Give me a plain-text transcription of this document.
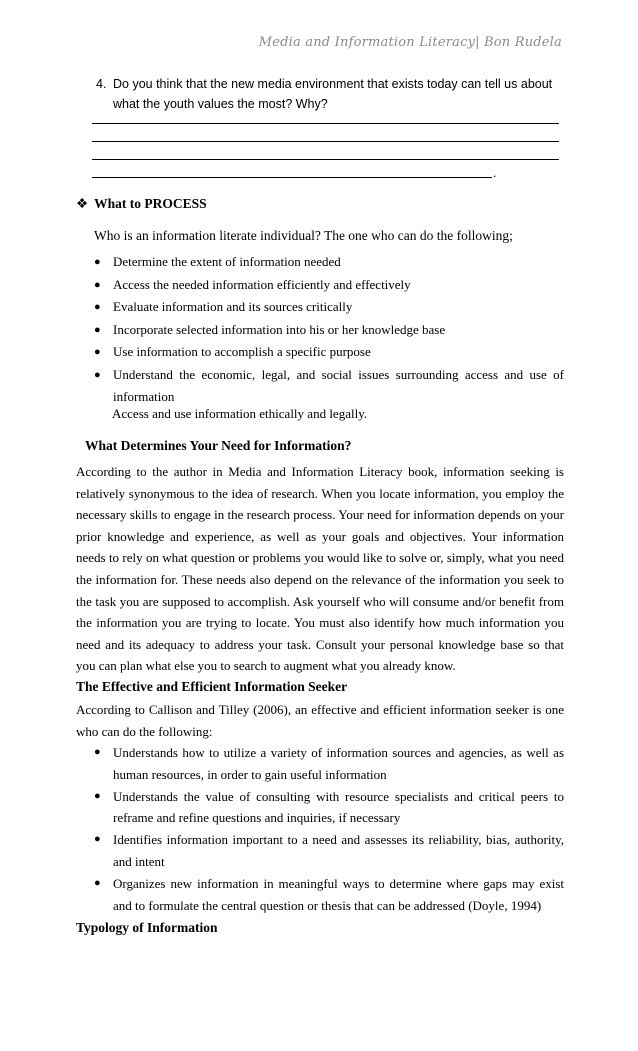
Media and Information Literacy| Bon Rudela
4. Do you think that the new media environment that exists today can tell us about what the youth values the most? Why?
.
❖ What to PROCESS
Who is an information literate individual? The one who can do the following;
● Determine the extent of information needed
● Access the needed information efficiently and effectively
● Evaluate information and its sources critically
● Incorporate selected information into his or her knowledge base
● Use information to accomplish a specific purpose
● Understand the economic, legal, and social issues surrounding access and use of information
Access and use information ethically and legally.
What Determines Your Need for Information?
According to the author in Media and Information Literacy book, information seeking is relatively synonymous to the idea of research. When you locate information, you employ the necessary skills to engage in the research process. Your need for information depends on your prior knowledge and experience, as well as your goals and objectives. Your information needs to rely on what question or problems you would like to solve or, simply, what you need the information for. These needs also depend on the relevance of the information you seek to the task you are supposed to accomplish. Ask yourself who will consume and/or benefit from the information you are trying to locate. You must also identify how much information you need and its adequacy to address your task. Consult your personal knowledge base so that you can plan what else you to search to augment what you already know.
The Effective and Efficient Information Seeker
According to Callison and Tilley (2006), an effective and efficient information seeker is one who can do the following:
● Understands how to utilize a variety of information sources and agencies, as well as human resources, in order to gain useful information
● Understands the value of consulting with resource specialists and critical peers to reframe and refine questions and inquiries, if necessary
● Identifies information important to a need and assesses its reliability, bias, authority, and intent
● Organizes new information in meaningful ways to determine where gaps may exist and to formulate the central question or thesis that can be addressed (Doyle, 1994)
Typology of Information
